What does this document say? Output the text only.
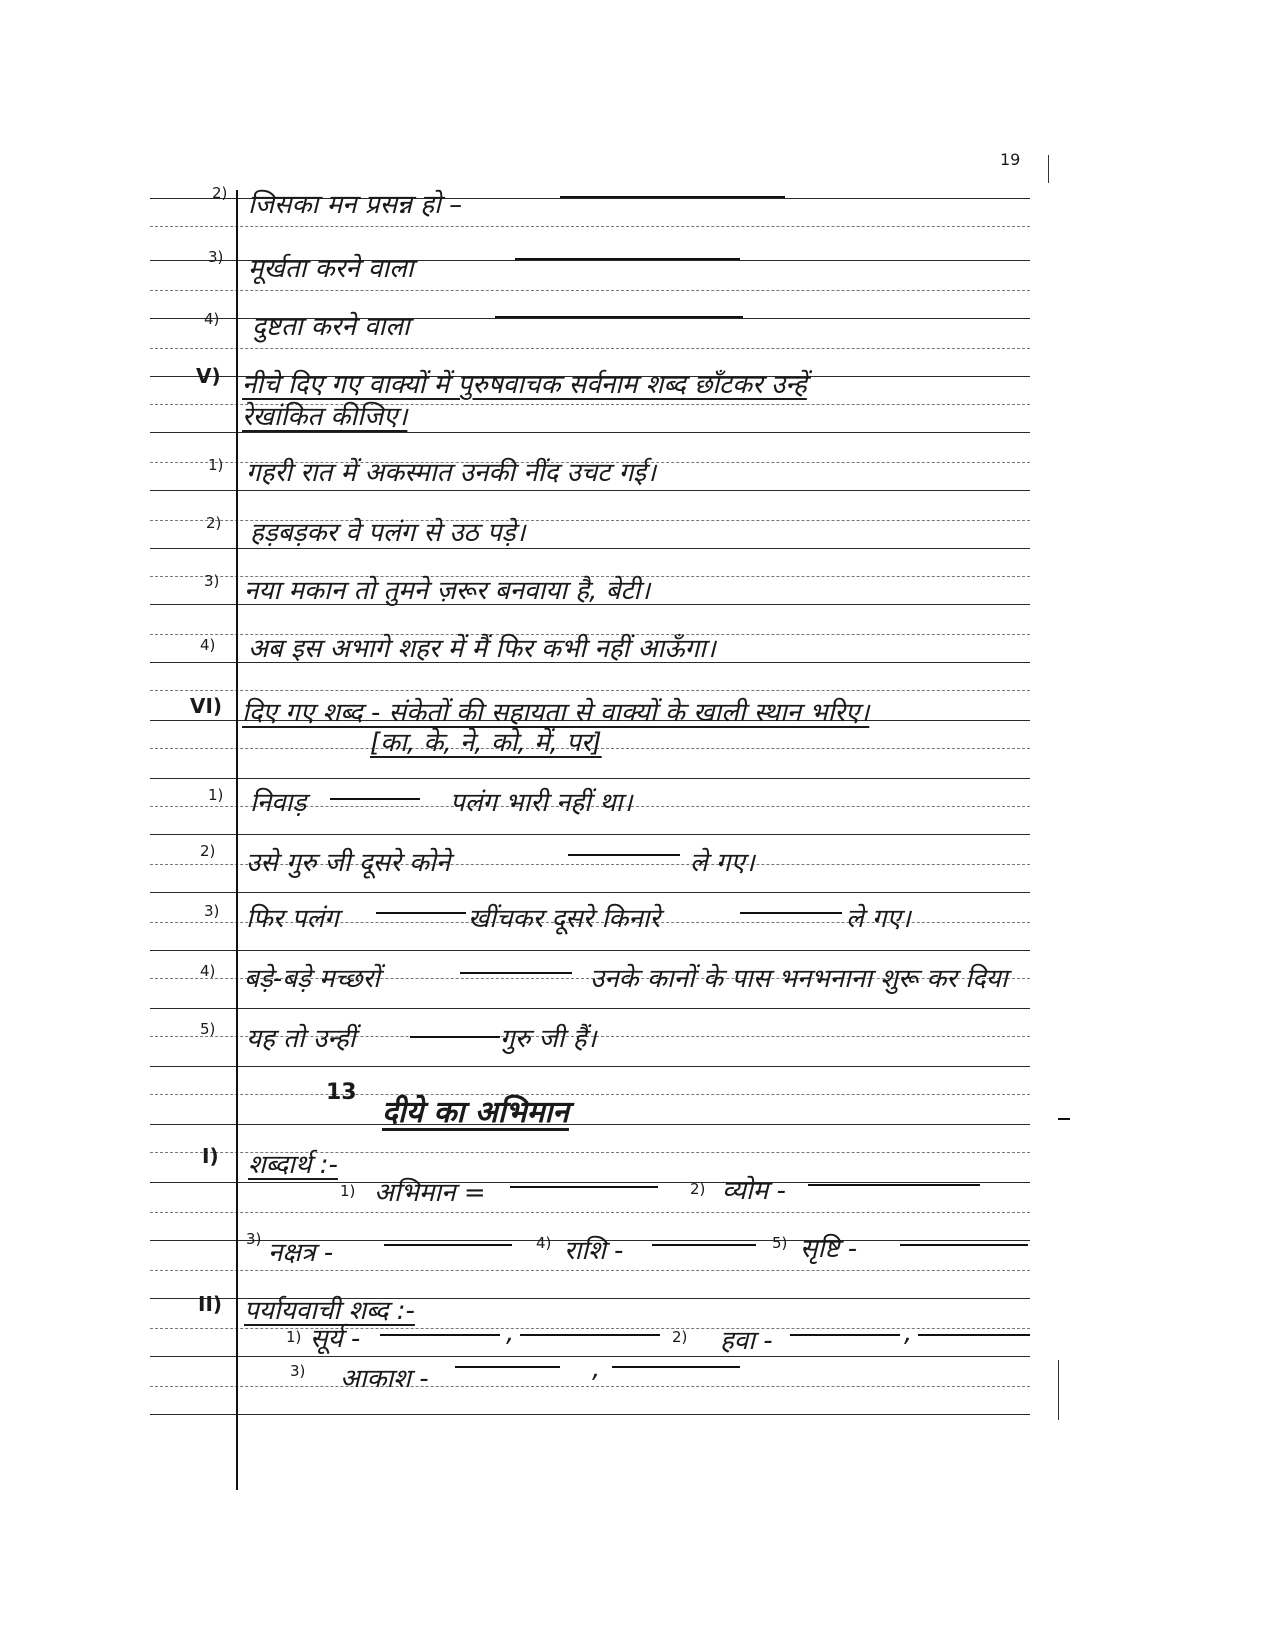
19
2) जिसका मन प्रसन्न हो –
3) मूर्खता करने वाला
4) दुष्टता करने वाला
V) नीचे दिए गए वाक्यों में पुरुषवाचक सर्वनाम शब्द छाँटकर उन्हें
रेखांकित कीजिए।
1) गहरी रात में अकस्मात उनकी नींद उचट गई।
2) हड़बड़कर वे पलंग से उठ पड़े।
3) नया मकान तो तुमने ज़रूर बनवाया है, बेटी।
4) अब इस अभागे शहर में मैं फिर कभी नहीं आऊँगा।
VI) दिए गए शब्द - संकेतों की सहायता से वाक्यों के खाली स्थान भरिए।
[का, के, ने, को, में, पर]
1) निवाड़	पलंग भारी नहीं था।
2) उसे गुरु जी दूसरे कोने	ले गए।
3) फिर पलंग	खींचकर दूसरे किनारे	ले गए।
4) बड़े-बड़े मच्छरों	उनके कानों के पास भनभनाना शुरू कर दिया
5) यह तो उन्हीं	गुरु जी हैं।
13
दीये का अभिमान
I) शब्दार्थ :-
1) अभिमान =	2) व्योम -
3) नक्षत्र -	4) राशि -	5) सृष्टि -
II) पर्यायवाची शब्द :-
1) सूर्य -	,	2) हवा -	,
3) आकाश -	,
